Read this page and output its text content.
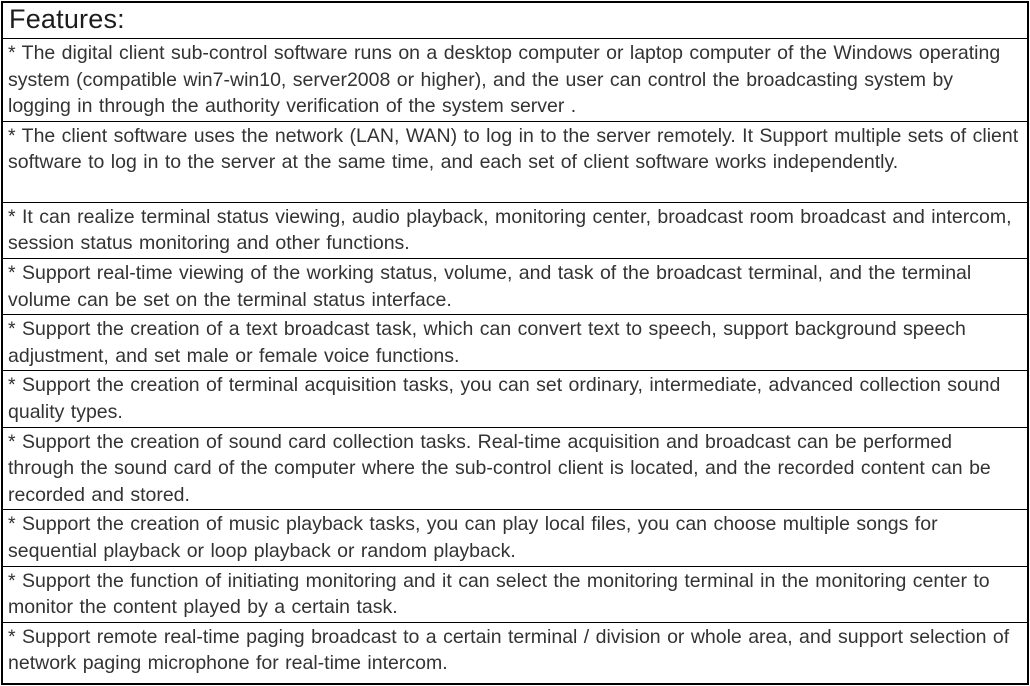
Features:
* The digital client sub-control software runs on a desktop computer or laptop computer of the Windows operating system (compatible win7-win10, server2008 or higher), and the user can control the broadcasting system by logging in through the authority verification of the system server .
* The client software uses the network (LAN, WAN) to log in to the server remotely. It Support multiple sets of client software to log in to the server at the same time, and each set of client software works independently.
* It can realize terminal status viewing, audio playback, monitoring center, broadcast room broadcast and intercom, session status monitoring and other functions.
* Support real-time viewing of the working status, volume, and task of the broadcast terminal, and the terminal volume can be set on the terminal status interface.
* Support the creation of a text broadcast task, which can convert text to speech, support background speech adjustment, and set male or female voice functions.
* Support the creation of terminal acquisition tasks, you can set ordinary, intermediate, advanced collection sound quality types.
* Support the creation of sound card collection tasks. Real-time acquisition and broadcast can be performed through the sound card of the computer where the sub-control client is located, and the recorded content can be recorded and stored.
* Support the creation of music playback tasks, you can play local files, you can choose multiple songs for sequential playback or loop playback or random playback.
* Support the function of initiating monitoring and it can select the monitoring terminal in the monitoring center to monitor the content played by a certain task.
* Support remote real-time paging broadcast to a certain terminal / division or whole area, and support selection of network paging microphone for real-time intercom.
